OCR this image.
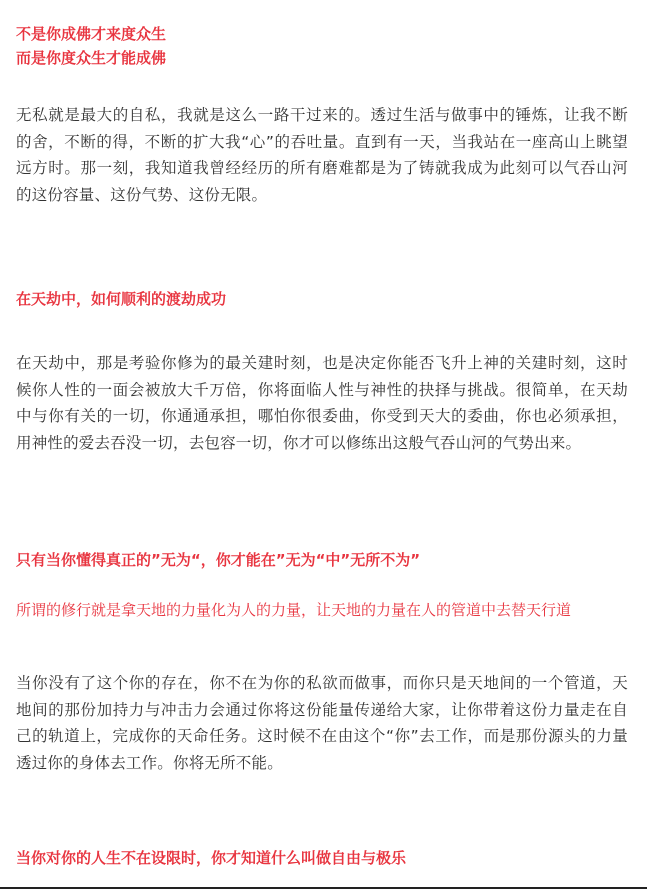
不是你成佛才来度众生
而是你度众生才能成佛

无私就是最大的自私，我就是这么一路干过来的。透过生活与做事中的锤炼，让我不断的舍，不断的得，不断的扩大我“心”的吞吐量。直到有一天，当我站在一座高山上眺望远方时。那一刻，我知道我曾经经历的所有磨难都是为了铸就我成为此刻可以气吞山河的这份容量、这份气势、这份无限。

在天劫中，如何顺利的渡劫成功

在天劫中，那是考验你修为的最关建时刻，也是决定你能否飞升上神的关建时刻，这时候你人性的一面会被放大千万倍，你将面临人性与神性的抉择与挑战。很简单，在天劫中与你有关的一切，你通通承担，哪怕你很委曲，你受到天大的委曲，你也必须承担，用神性的爱去吞没一切，去包容一切，你才可以修练出这般气吞山河的气势出来。

只有当你懂得真正的”无为“，你才能在”无为“中”无所不为”

所谓的修行就是拿天地的力量化为人的力量，让天地的力量在人的管道中去替天行道

当你没有了这个你的存在，你不在为你的私欲而做事，而你只是天地间的一个管道，天地间的那份加持力与冲击力会通过你将这份能量传递给大家，让你带着这份力量走在自己的轨道上，完成你的天命任务。这时候不在由这个“你”去工作，而是那份源头的力量透过你的身体去工作。你将无所不能。

当你对你的人生不在设限时，你才知道什么叫做自由与极乐
